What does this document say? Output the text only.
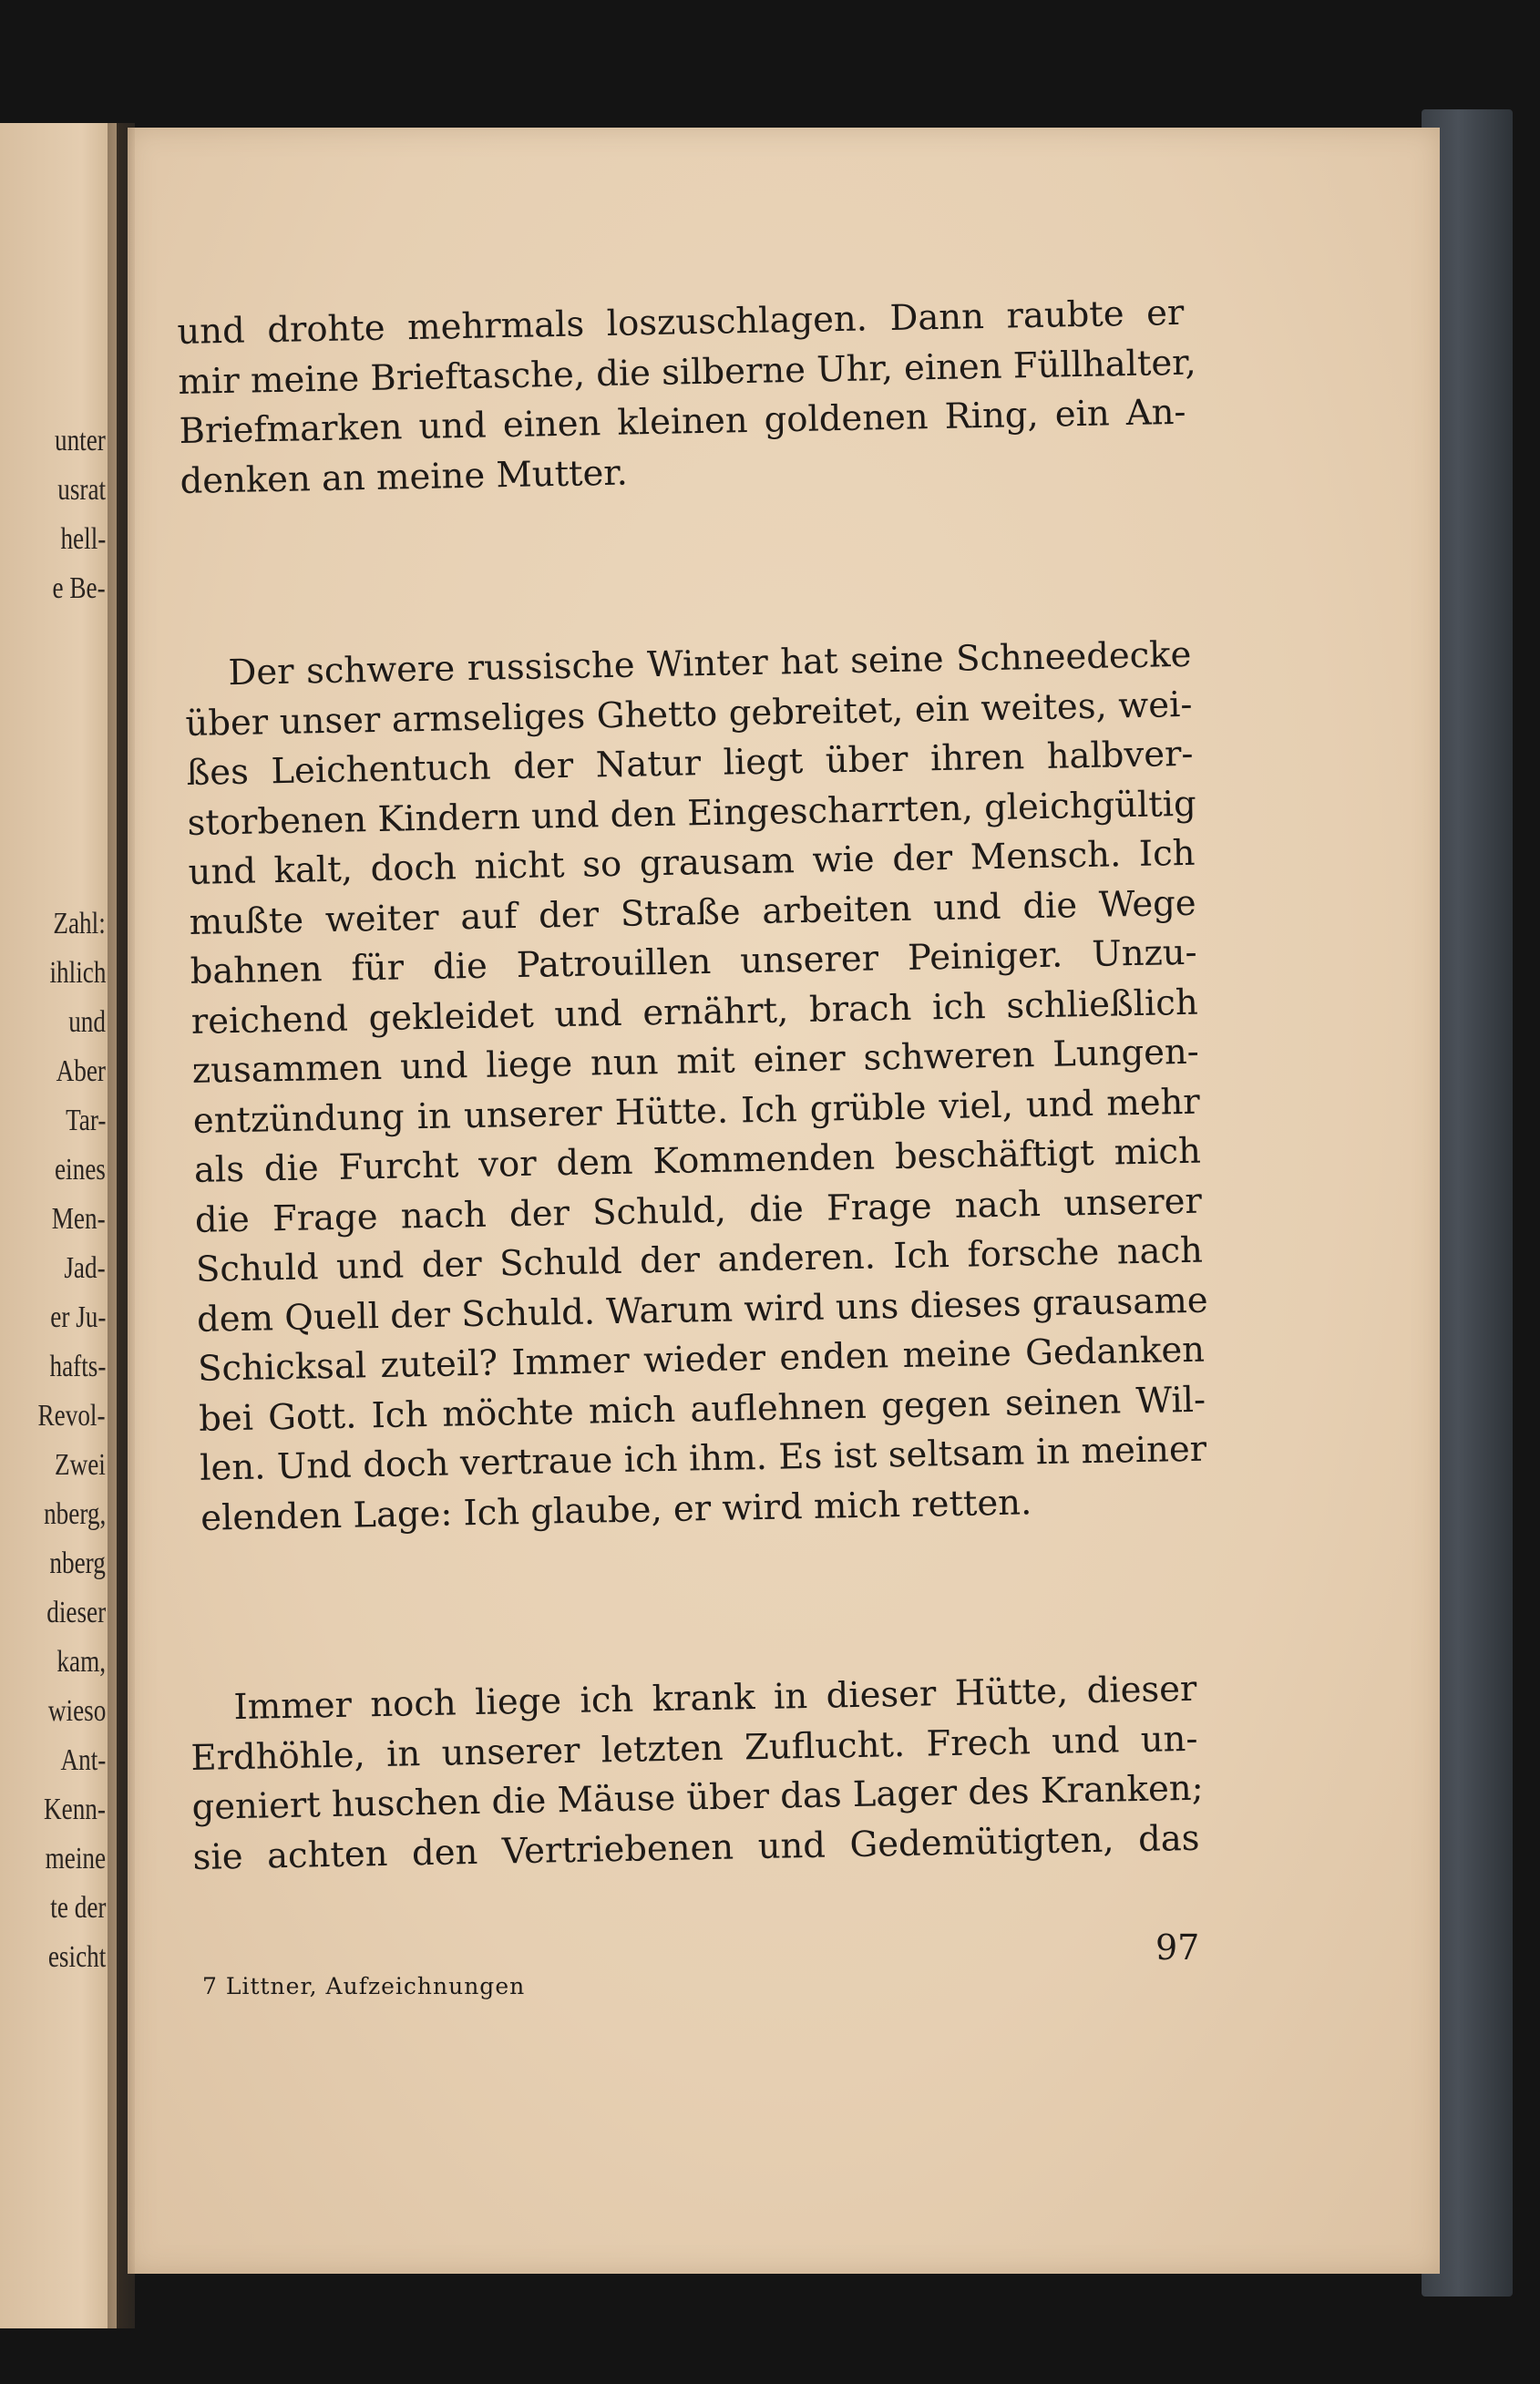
unter
usrat
hell-
e Be-
Zahl:
ihlich
und
Aber
Tar-
eines
Men-
Jad-
er Ju-
hafts-
Revol-
Zwei
nberg,
nberg
dieser
kam,
wieso
Ant-
Kenn-
meine
te der
esicht
und drohte mehrmals loszuschlagen. Dann raubte er
mir meine Brieftasche, die silberne Uhr, einen Füllhalter,
Briefmarken und einen kleinen goldenen Ring, ein An-
denken an meine Mutter.
Der schwere russische Winter hat seine Schneedecke
über unser armseliges Ghetto gebreitet, ein weites, wei-
ßes Leichentuch der Natur liegt über ihren halbver-
storbenen Kindern und den Eingescharrten, gleichgültig
und kalt, doch nicht so grausam wie der Mensch. Ich
mußte weiter auf der Straße arbeiten und die Wege
bahnen für die Patrouillen unserer Peiniger. Unzu-
reichend gekleidet und ernährt, brach ich schließlich
zusammen und liege nun mit einer schweren Lungen-
entzündung in unserer Hütte. Ich grüble viel, und mehr
als die Furcht vor dem Kommenden beschäftigt mich
die Frage nach der Schuld, die Frage nach unserer
Schuld und der Schuld der anderen. Ich forsche nach
dem Quell der Schuld. Warum wird uns dieses grausame
Schicksal zuteil? Immer wieder enden meine Gedanken
bei Gott. Ich möchte mich auflehnen gegen seinen Wil-
len. Und doch vertraue ich ihm. Es ist seltsam in meiner
elenden Lage: Ich glaube, er wird mich retten.
Immer noch liege ich krank in dieser Hütte, dieser
Erdhöhle, in unserer letzten Zuflucht. Frech und un-
geniert huschen die Mäuse über das Lager des Kranken;
sie achten den Vertriebenen und Gedemütigten, das
7 Littner, Aufzeichnungen
97
